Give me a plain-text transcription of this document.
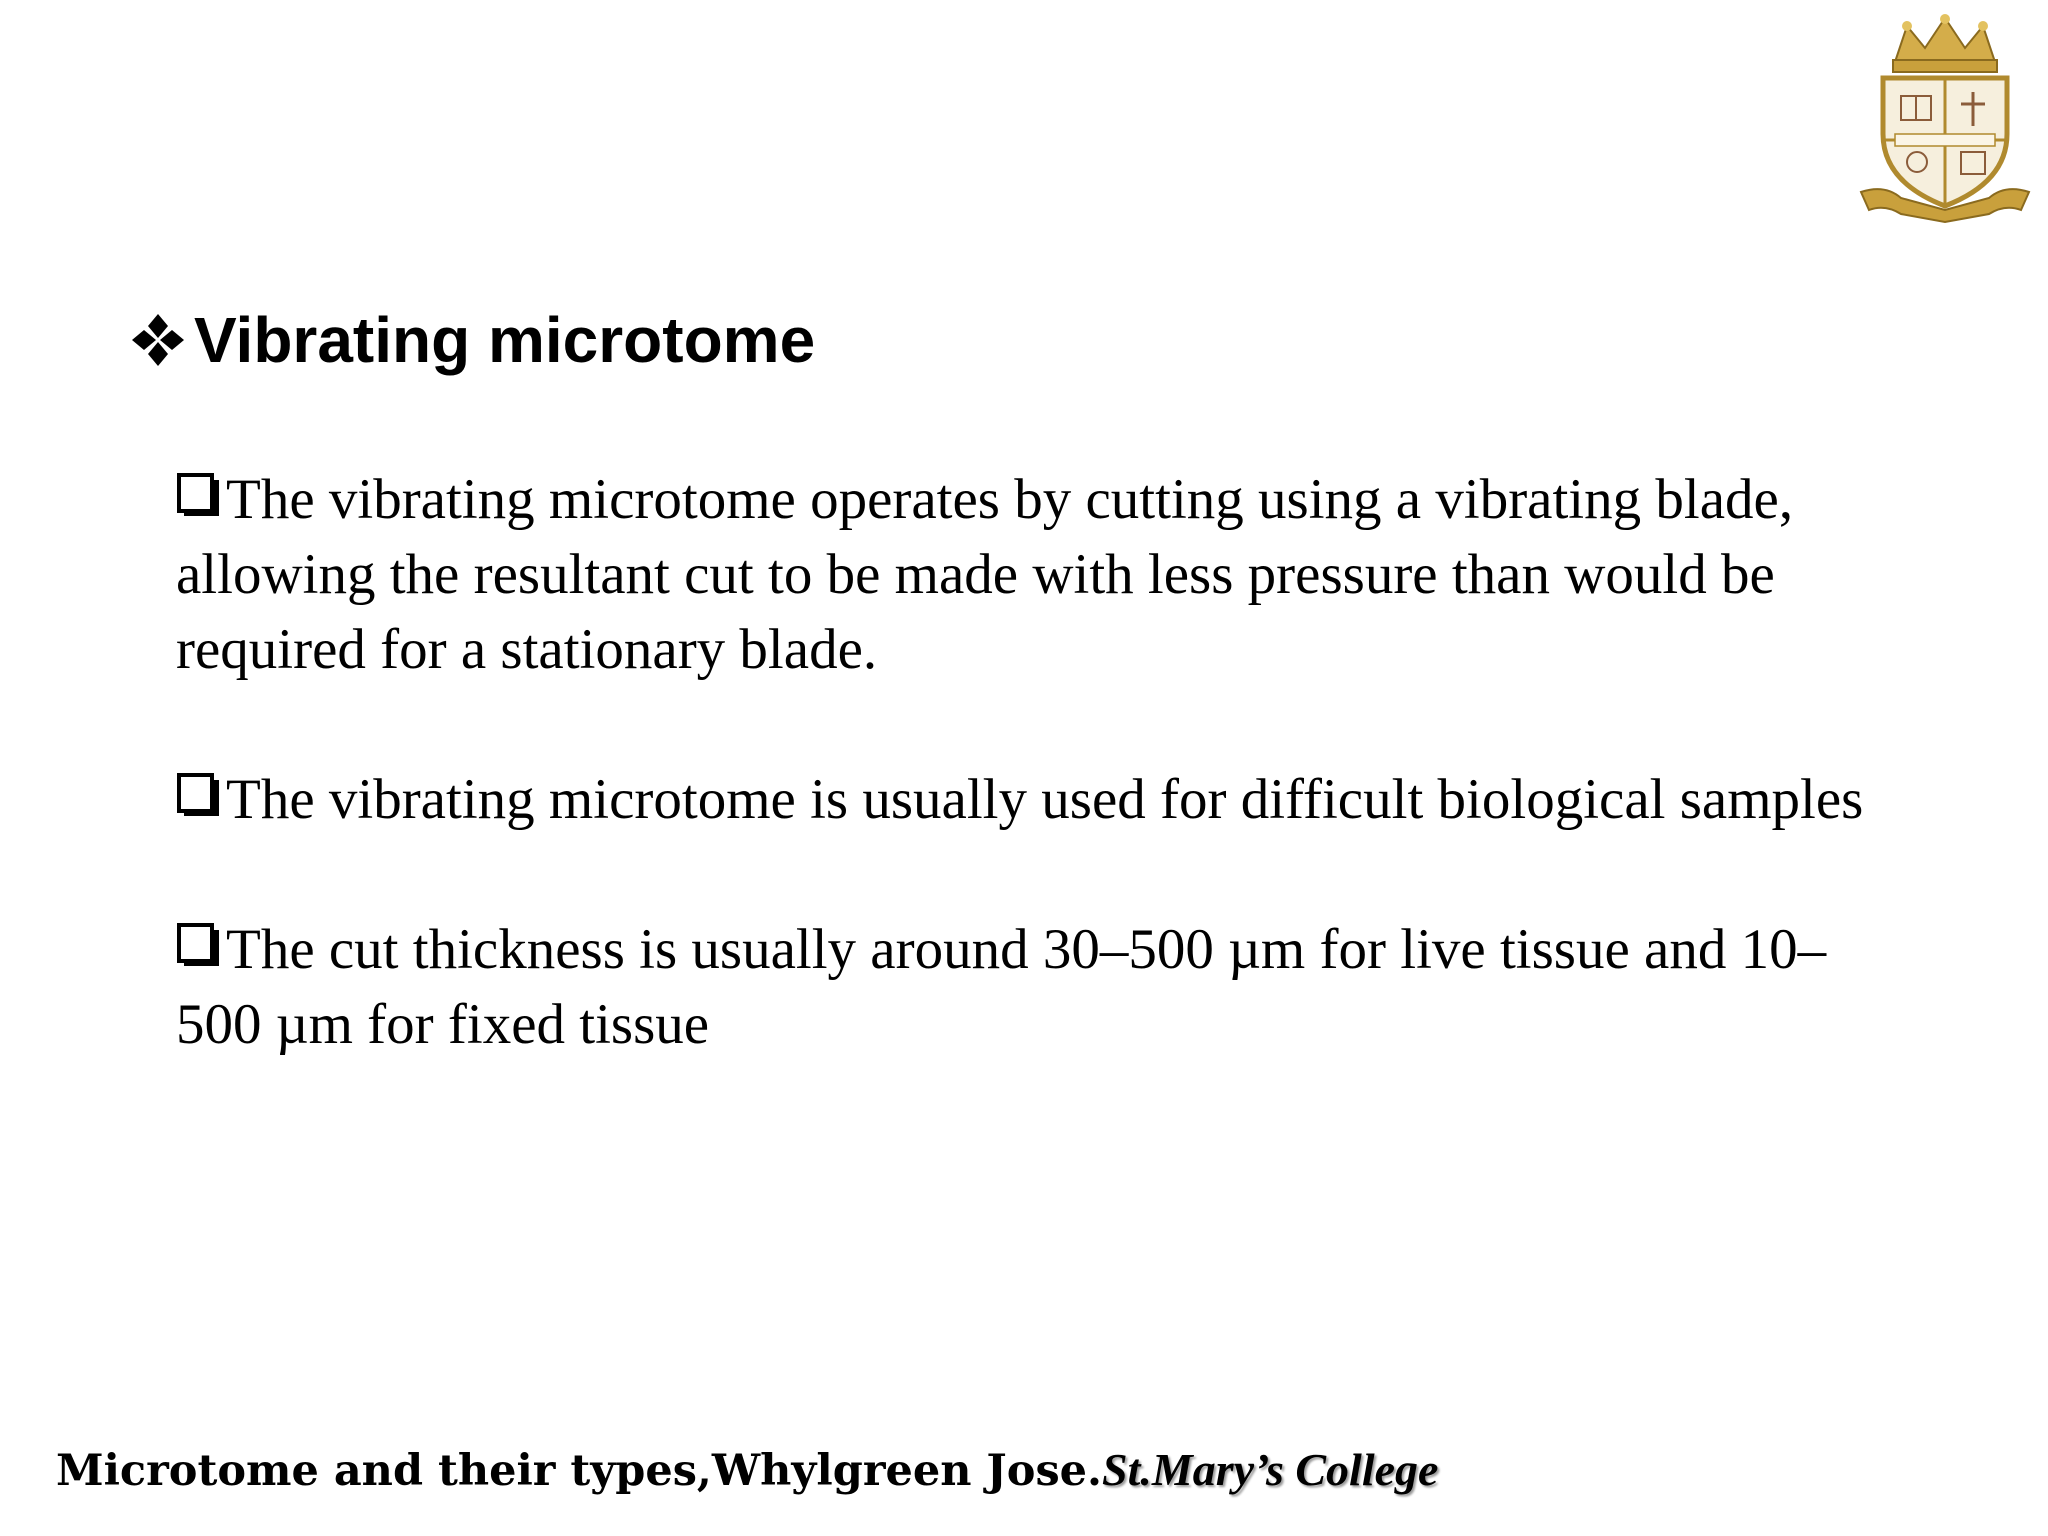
Vibrating microtome
The vibrating microtome operates by cutting using a vibrating blade, allowing the resultant cut to be made with less pressure than would be required for a stationary blade.
The vibrating microtome is usually used for difficult biological samples
The cut thickness is usually around 30–500 µm for live tissue and 10–500 µm for fixed tissue
Microtome and their types,Whylgreen Jose.St.Mary’s College
